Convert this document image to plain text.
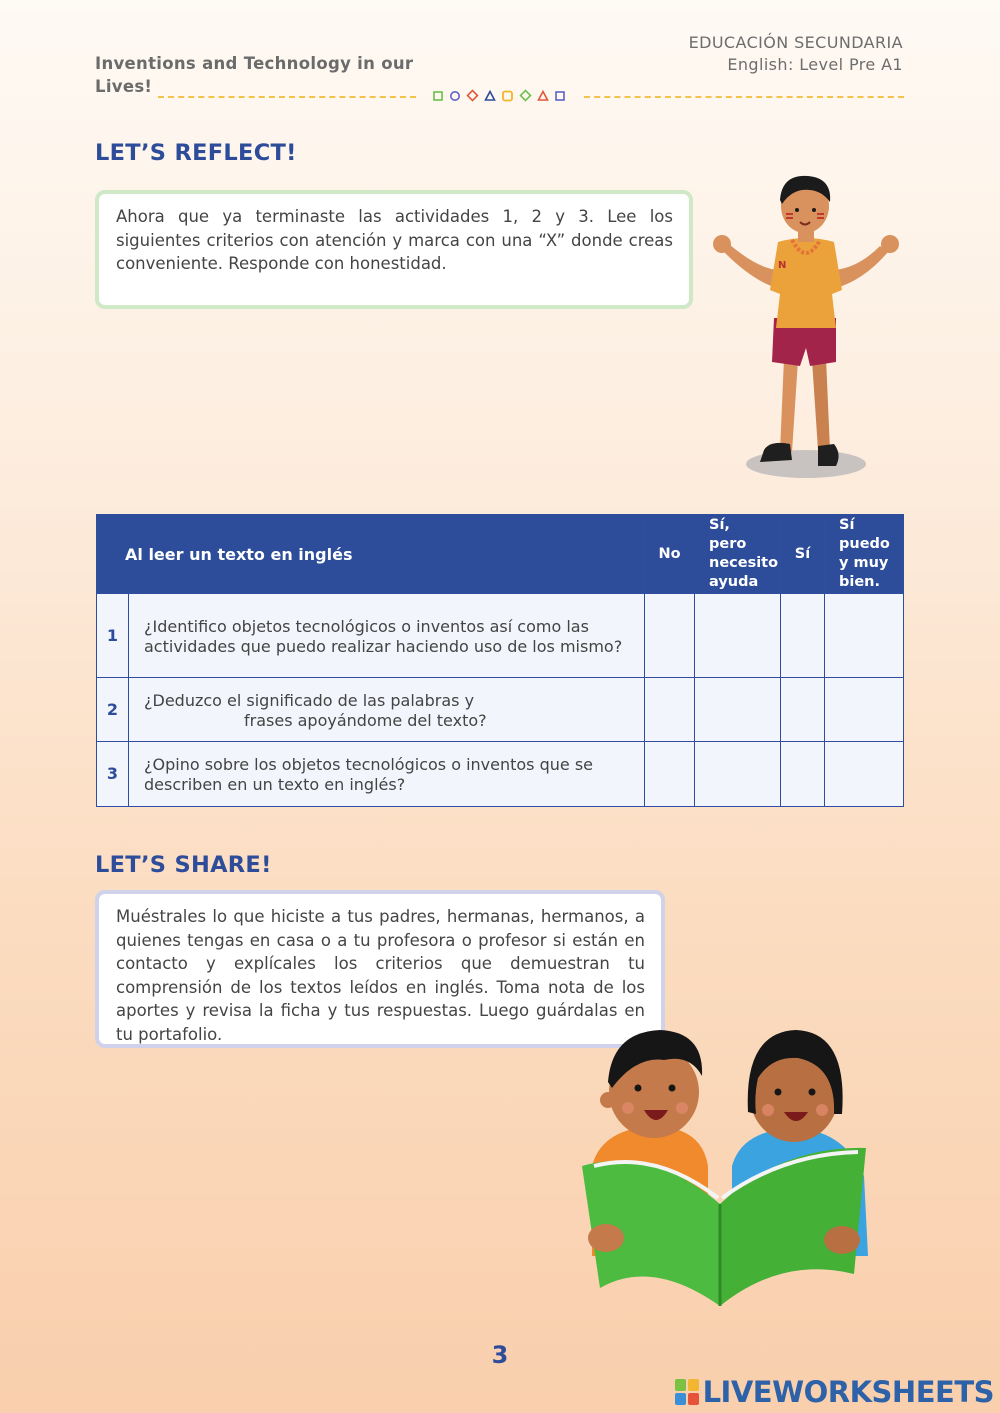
Inventions and Technology in our Lives!
EDUCACIÓN SECUNDARIA
English: Level Pre A1
LET’S REFLECT!
Ahora que ya terminaste las actividades 1, 2 y 3. Lee los siguientes criterios con atención y marca con una “X” donde creas conveniente. Responde con honestidad.	N
Al leer un texto en inglés		No	Sí, pero necesito ayuda	Sí	Sí puedo y muy bien.
1	¿Identifico objetos tecnológicos o inventos así como las actividades que puedo realizar haciendo uso de los mismo?				
2	¿Deduzco el significado de las palabras y
frases apoyándome del texto?				

3	¿Opino sobre los objetos tecnológicos o inventos que se describen en un texto en inglés?				
LET’S SHARE!
Muéstrales lo que hiciste a tus padres, hermanas, hermanos, a quienes tengas en casa o a tu profesora o profesor si están en contacto y explícales los criterios que demuestran tu comprensión de los textos leídos en inglés. Toma nota de los aportes y revisa la ficha y tus respuestas. Luego guárdalas en tu portafolio.
3
LIVEWORKSHEETS
